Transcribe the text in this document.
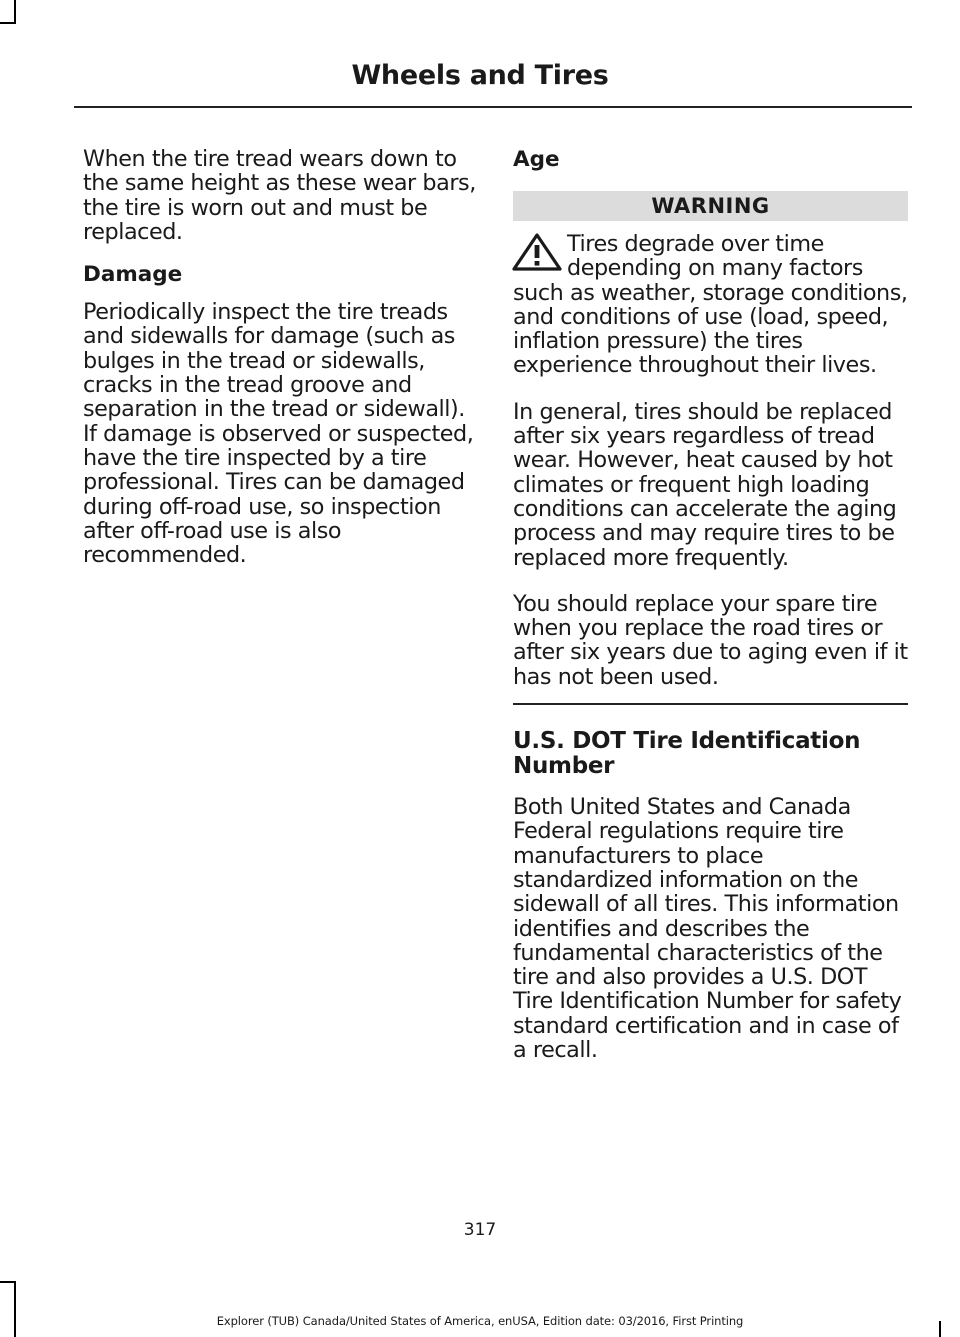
Wheels and Tires

When the tire tread wears down to the same height as these wear bars, the tire is worn out and must be replaced.

Damage

Periodically inspect the tire treads and sidewalls for damage (such as bulges in the tread or sidewalls, cracks in the tread groove and separation in the tread or sidewall). If damage is observed or suspected, have the tire inspected by a tire professional. Tires can be damaged during off-road use, so inspection after off-road use is also recommended.

Age
WARNING

Tires degrade over time depending on many factors such as weather, storage conditions, and conditions of use (load, speed, inflation pressure) the tires experience throughout their lives.

In general, tires should be replaced after six years regardless of tread wear. However, heat caused by hot climates or frequent high loading conditions can accelerate the aging process and may require tires to be replaced more frequently.

You should replace your spare tire when you replace the road tires or after six years due to aging even if it has not been used.

U.S. DOT Tire Identification Number

Both United States and Canada Federal regulations require tire manufacturers to place standardized information on the sidewall of all tires. This information identifies and describes the fundamental characteristics of the tire and also provides a U.S. DOT Tire Identification Number for safety standard certification and in case of a recall.

317
Explorer (TUB) Canada/United States of America, enUSA, Edition date: 03/2016, First Printing
